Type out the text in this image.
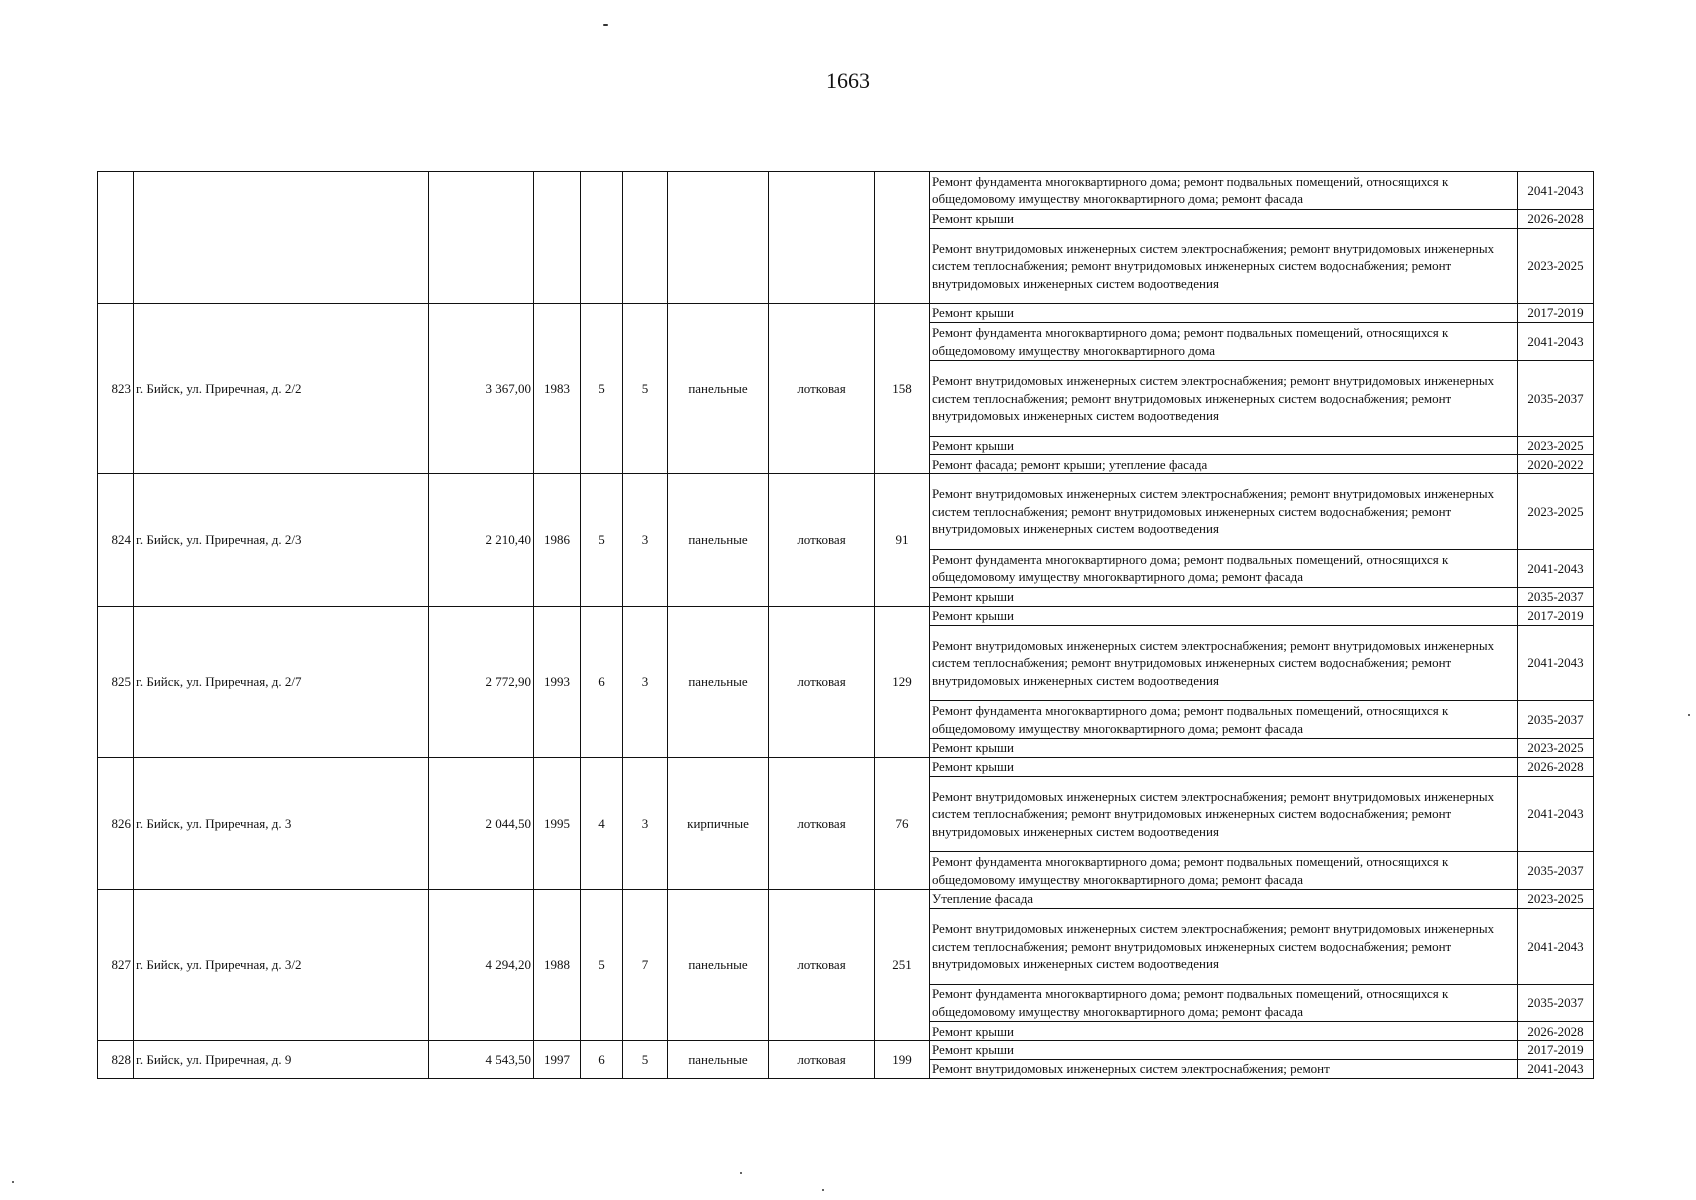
1663
									Ремонт фундамента многоквартирного дома; ремонт подвальных помещений, относящихся к общедомовому имуществу многоквартирного дома; ремонт фасада	2041-2043
									Ремонт крыши	2026-2028
									Ремонт внутридомовых инженерных систем электроснабжения; ремонт внутридомовых инженерных систем теплоснабжения; ремонт внутридомовых инженерных систем водоснабжения; ремонт внутридомовых инженерных систем водоотведения	2023-2025
823	г. Бийск, ул. Приречная, д. 2/2	3 367,00	1983	5	5	панельные	лотковая	158	Ремонт крыши	2017-2019
									Ремонт фундамента многоквартирного дома; ремонт подвальных помещений, относящихся к общедомовому имуществу многоквартирного дома	2041-2043
									Ремонт внутридомовых инженерных систем электроснабжения; ремонт внутридомовых инженерных систем теплоснабжения; ремонт внутридомовых инженерных систем водоснабжения; ремонт внутридомовых инженерных систем водоотведения	2035-2037
									Ремонт крыши	2023-2025
									Ремонт фасада; ремонт крыши; утепление фасада	2020-2022
824	г. Бийск, ул. Приречная, д. 2/3	2 210,40	1986	5	3	панельные	лотковая	91	Ремонт внутридомовых инженерных систем электроснабжения; ремонт внутридомовых инженерных систем теплоснабжения; ремонт внутридомовых инженерных систем водоснабжения; ремонт внутридомовых инженерных систем водоотведения	2023-2025
									Ремонт фундамента многоквартирного дома; ремонт подвальных помещений, относящихся к общедомовому имуществу многоквартирного дома; ремонт фасада	2041-2043
									Ремонт крыши	2035-2037
825	г. Бийск, ул. Приречная, д. 2/7	2 772,90	1993	6	3	панельные	лотковая	129	Ремонт крыши	2017-2019
									Ремонт внутридомовых инженерных систем электроснабжения; ремонт внутридомовых инженерных систем теплоснабжения; ремонт внутридомовых инженерных систем водоснабжения; ремонт внутридомовых инженерных систем водоотведения	2041-2043
									Ремонт фундамента многоквартирного дома; ремонт подвальных помещений, относящихся к общедомовому имуществу многоквартирного дома; ремонт фасада	2035-2037
									Ремонт крыши	2023-2025
826	г. Бийск, ул. Приречная, д. 3	2 044,50	1995	4	3	кирпичные	лотковая	76	Ремонт крыши	2026-2028
									Ремонт внутридомовых инженерных систем электроснабжения; ремонт внутридомовых инженерных систем теплоснабжения; ремонт внутридомовых инженерных систем водоснабжения; ремонт внутридомовых инженерных систем водоотведения	2041-2043
									Ремонт фундамента многоквартирного дома; ремонт подвальных помещений, относящихся к общедомовому имуществу многоквартирного дома; ремонт фасада	2035-2037
827	г. Бийск, ул. Приречная, д. 3/2	4 294,20	1988	5	7	панельные	лотковая	251	Утепление фасада	2023-2025
									Ремонт внутридомовых инженерных систем электроснабжения; ремонт внутридомовых инженерных систем теплоснабжения; ремонт внутридомовых инженерных систем водоснабжения; ремонт внутридомовых инженерных систем водоотведения	2041-2043
									Ремонт фундамента многоквартирного дома; ремонт подвальных помещений, относящихся к общедомовому имуществу многоквартирного дома; ремонт фасада	2035-2037
									Ремонт крыши	2026-2028
828	г. Бийск, ул. Приречная, д. 9	4 543,50	1997	6	5	панельные	лотковая	199	Ремонт крыши	2017-2019
									Ремонт внутридомовых инженерных систем электроснабжения; ремонт	2041-2043
